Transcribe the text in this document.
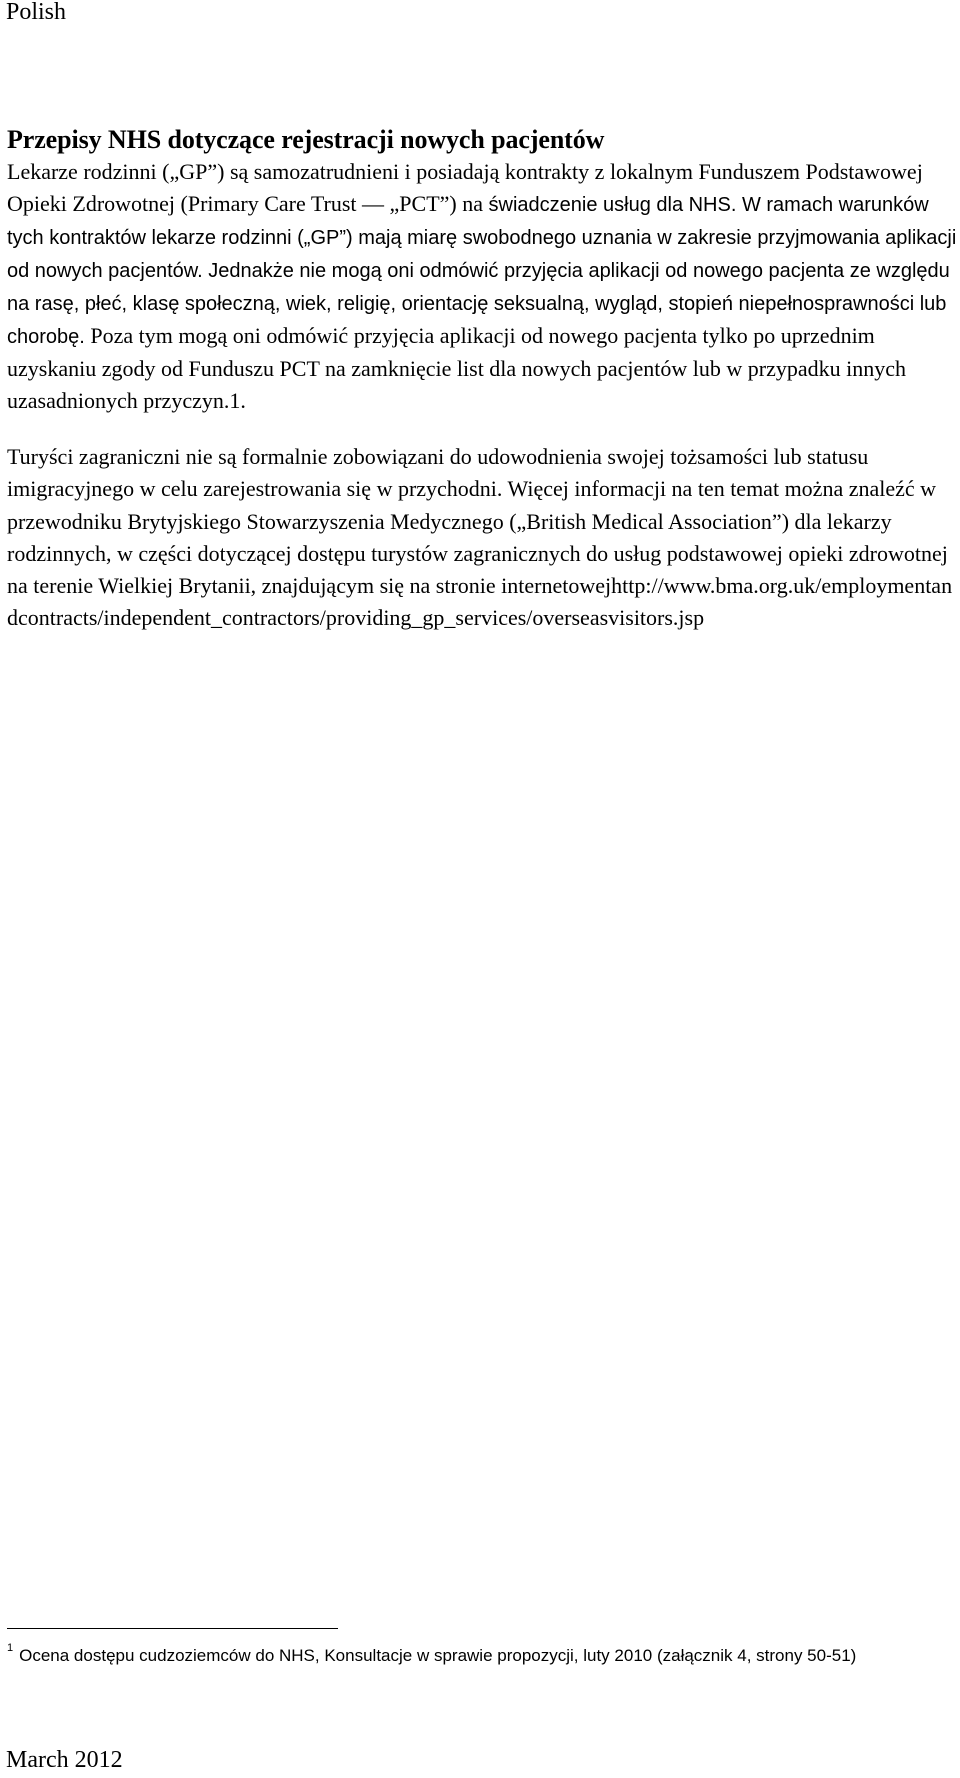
Polish
Przepisy NHS dotyczące rejestracji nowych pacjentów

Lekarze rodzinni („GP”) są samozatrudnieni i posiadają kontrakty z lokalnym Funduszem Podstawowej Opieki Zdrowotnej (Primary Care Trust — „PCT”) na świadczenie usług dla NHS. W ramach warunków tych kontraktów lekarze rodzinni („GP”) mają miarę swobodnego uznania w zakresie przyjmowania aplikacji od nowych pacjentów. Jednakże nie mogą oni odmówić przyjęcia aplikacji od nowego pacjenta ze względu na rasę, płeć, klasę społeczną, wiek, religię, orientację seksualną, wygląd, stopień niepełnosprawności lub chorobę. Poza tym mogą oni odmówić przyjęcia aplikacji od nowego pacjenta tylko po uprzednim uzyskaniu zgody od Funduszu PCT na zamknięcie list dla nowych pacjentów lub w przypadku innych uzasadnionych przyczyn.1.

Turyści zagraniczni nie są formalnie zobowiązani do udowodnienia swojej tożsamości lub statusu imigracyjnego w celu zarejestrowania się w przychodni. Więcej informacji na ten temat można znaleźć w przewodniku Brytyjskiego Stowarzyszenia Medycznego („British Medical Association”) dla lekarzy rodzinnych, w części dotyczącej dostępu turystów zagranicznych do usług podstawowej opieki zdrowotnej na terenie Wielkiej Brytanii, znajdującym się na stronie internetowejhttp://www.bma.org.uk/employmentandcontracts/independent_contractors/providing_gp_services/overseasvisitors.jsp

$^1$ Ocena dostępu cudzoziemców do NHS, Konsultacje w sprawie propozycji, luty 2010 (załącznik 4, strony 50-51)
March 2012
